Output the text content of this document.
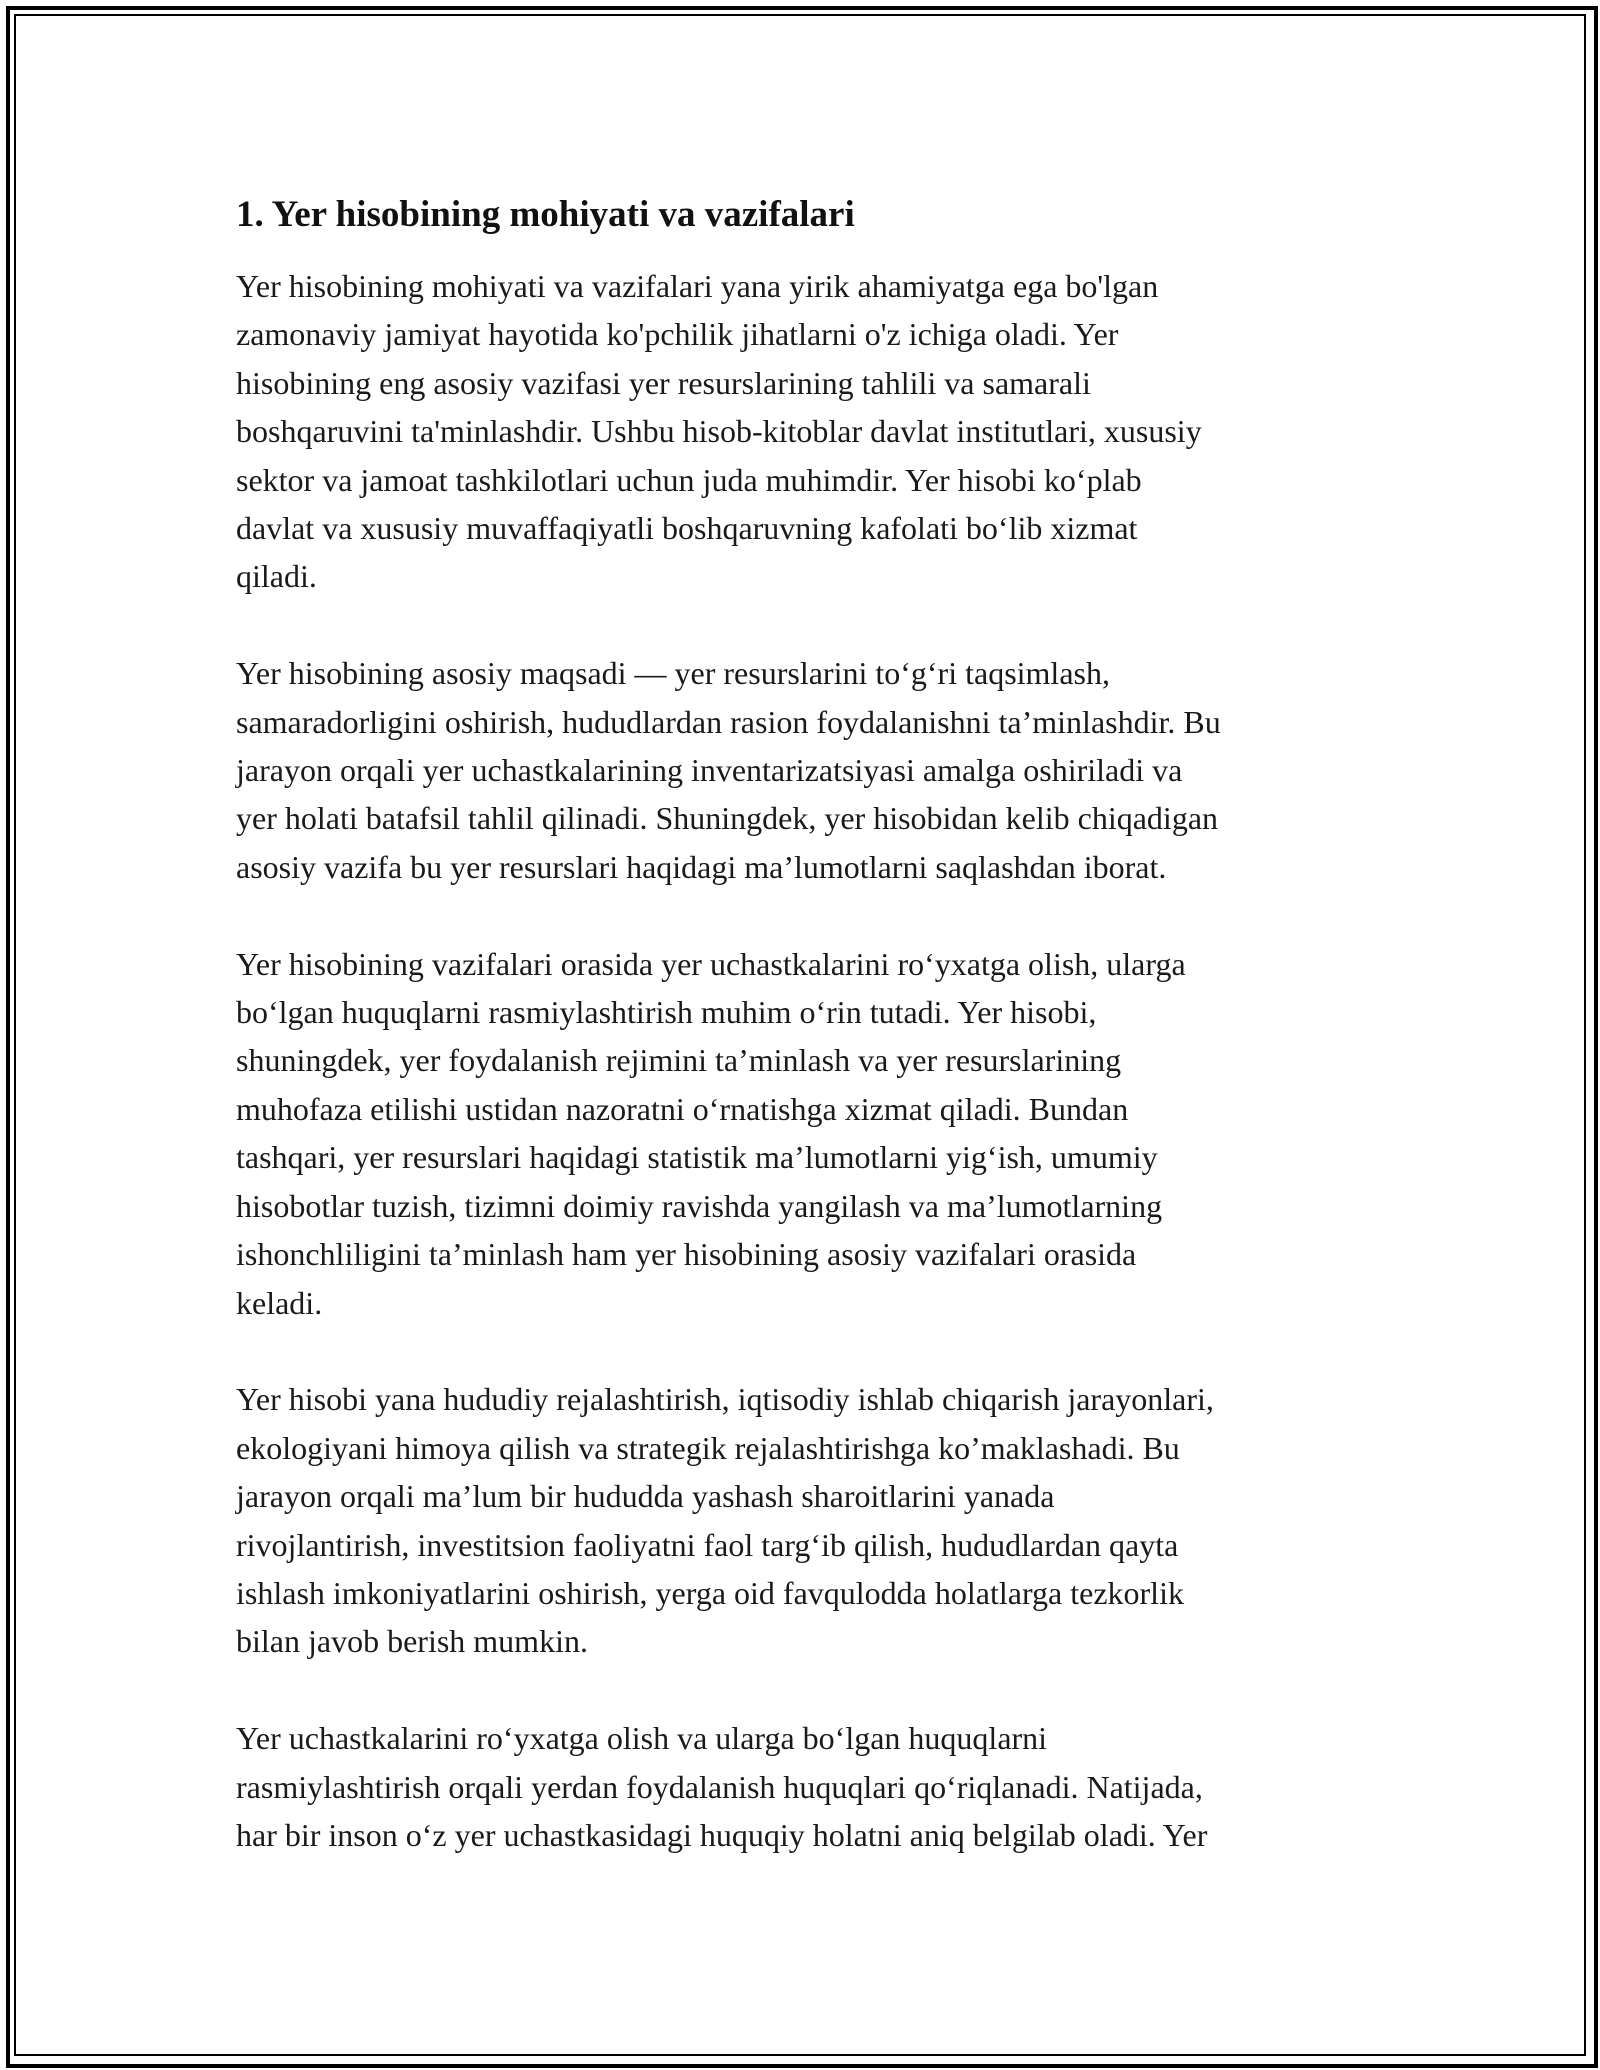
1. Yer hisobining mohiyati va vazifalari

Yer hisobining mohiyati va vazifalari yana yirik ahamiyatga ega bo'lgan
zamonaviy jamiyat hayotida ko'pchilik jihatlarni o'z ichiga oladi. Yer
hisobining eng asosiy vazifasi yer resurslarining tahlili va samarali
boshqaruvini ta'minlashdir. Ushbu hisob-kitoblar davlat institutlari, xususiy
sektor va jamoat tashkilotlari uchun juda muhimdir. Yer hisobi ko‘plab
davlat va xususiy muvaffaqiyatli boshqaruvning kafolati bo‘lib xizmat
qiladi.

Yer hisobining asosiy maqsadi — yer resurslarini to‘g‘ri taqsimlash,
samaradorligini oshirish, hududlardan rasion foydalanishni ta’minlashdir. Bu
jarayon orqali yer uchastkalarining inventarizatsiyasi amalga oshiriladi va
yer holati batafsil tahlil qilinadi. Shuningdek, yer hisobidan kelib chiqadigan
asosiy vazifa bu yer resurslari haqidagi ma’lumotlarni saqlashdan iborat.

Yer hisobining vazifalari orasida yer uchastkalarini ro‘yxatga olish, ularga
bo‘lgan huquqlarni rasmiylashtirish muhim o‘rin tutadi. Yer hisobi,
shuningdek, yer foydalanish rejimini ta’minlash va yer resurslarining
muhofaza etilishi ustidan nazoratni o‘rnatishga xizmat qiladi. Bundan
tashqari, yer resurslari haqidagi statistik ma’lumotlarni yig‘ish, umumiy
hisobotlar tuzish, tizimni doimiy ravishda yangilash va ma’lumotlarning
ishonchliligini ta’minlash ham yer hisobining asosiy vazifalari orasida
keladi.

Yer hisobi yana hududiy rejalashtirish, iqtisodiy ishlab chiqarish jarayonlari,
ekologiyani himoya qilish va strategik rejalashtirishga ko’maklashadi. Bu
jarayon orqali ma’lum bir hududda yashash sharoitlarini yanada
rivojlantirish, investitsion faoliyatni faol targ‘ib qilish, hududlardan qayta
ishlash imkoniyatlarini oshirish, yerga oid favqulodda holatlarga tezkorlik
bilan javob berish mumkin.

Yer uchastkalarini ro‘yxatga olish va ularga bo‘lgan huquqlarni
rasmiylashtirish orqali yerdan foydalanish huquqlari qo‘riqlanadi. Natijada,
har bir inson o‘z yer uchastkasidagi huquqiy holatni aniq belgilab oladi. Yer
